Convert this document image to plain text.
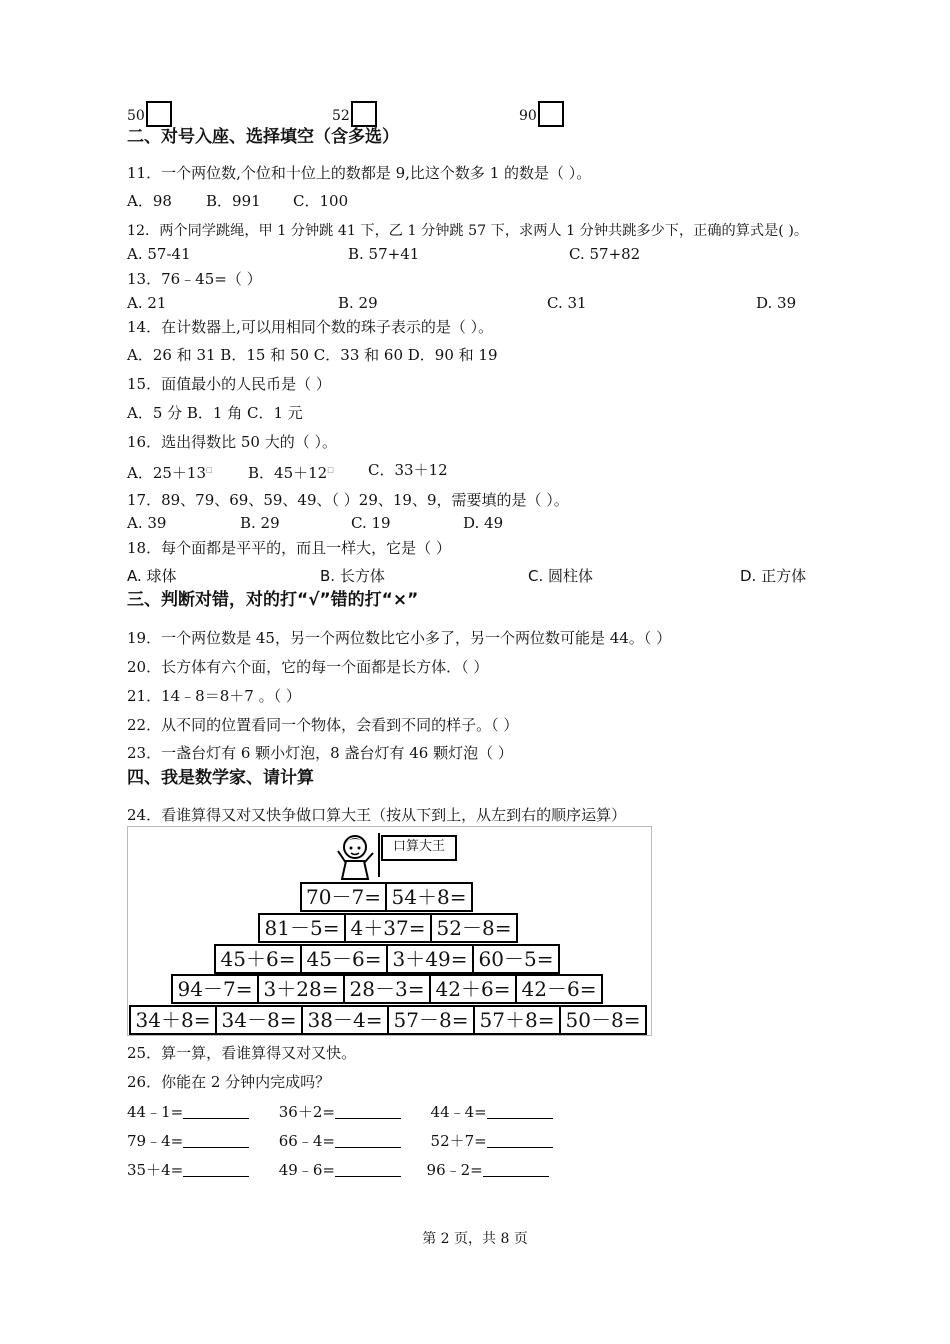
50	52	90
二、对号入座、选择填空（含多选）
11．一个两位数,个位和十位上的数都是 9,比这个数多 1 的数是（ ）。
A．98 B．991 C．100
12．两个同学跳绳，甲 1 分钟跳 41 下，乙 1 分钟跳 57 下，求两人 1 分钟共跳多少下，正确的算式是( )。
A. 57-41	B. 57+41	C. 57+82
13．76﹣45=（ ）
A. 21	B. 29	C. 31	D. 39
14．在计数器上,可以用相同个数的珠子表示的是（ ）。
A．26 和 31 B．15 和 50 C．33 和 60 D．90 和 19
15．面值最小的人民币是（ ）
A．5 分 B．1 角 C．1 元
16．选出得数比 50 大的（ ）。
A．25＋13□ B．45＋12□ C．33＋12
17．89、79、69、59、49、（ ）29、19、9，需要填的是（ ）。
A. 39	B. 29	C. 19	D. 49
18．每个面都是平平的，而且一样大，它是（ ）
A. 球体	B. 长方体	C. 圆柱体	D. 正方体
三、判断对错，对的打“√”错的打“×”
19．一个两位数是 45，另一个两位数比它小多了，另一个两位数可能是 44。（ ）
20．长方体有六个面，它的每一个面都是长方体．（ ）
21．14﹣8＝8＋7 。（ ）
22．从不同的位置看同一个物体，会看到不同的样子。（ ）
23．一盏台灯有 6 颗小灯泡，8 盏台灯有 46 颗灯泡（ ）
四、我是数学家、请计算
24．看谁算得又对又快争做口算大王（按从下到上，从左到右的顺序运算）
口算大王
70－7= 54＋8=
81－5= 4＋37= 52－8=
45＋6= 45－6= 3＋49= 60－5=
94－7= 3＋28= 28－3= 42＋6= 42－6=
34＋8= 34－8= 38－4= 57－8= 57＋8= 50－8=
25．算一算，看谁算得又对又快。
26．你能在 2 分钟内完成吗？
44﹣1=	36＋2=	44﹣4=
79﹣4=	66﹣4=	52＋7=
35＋4=	49﹣6=	96﹣2=
第 2 页，共 8 页
